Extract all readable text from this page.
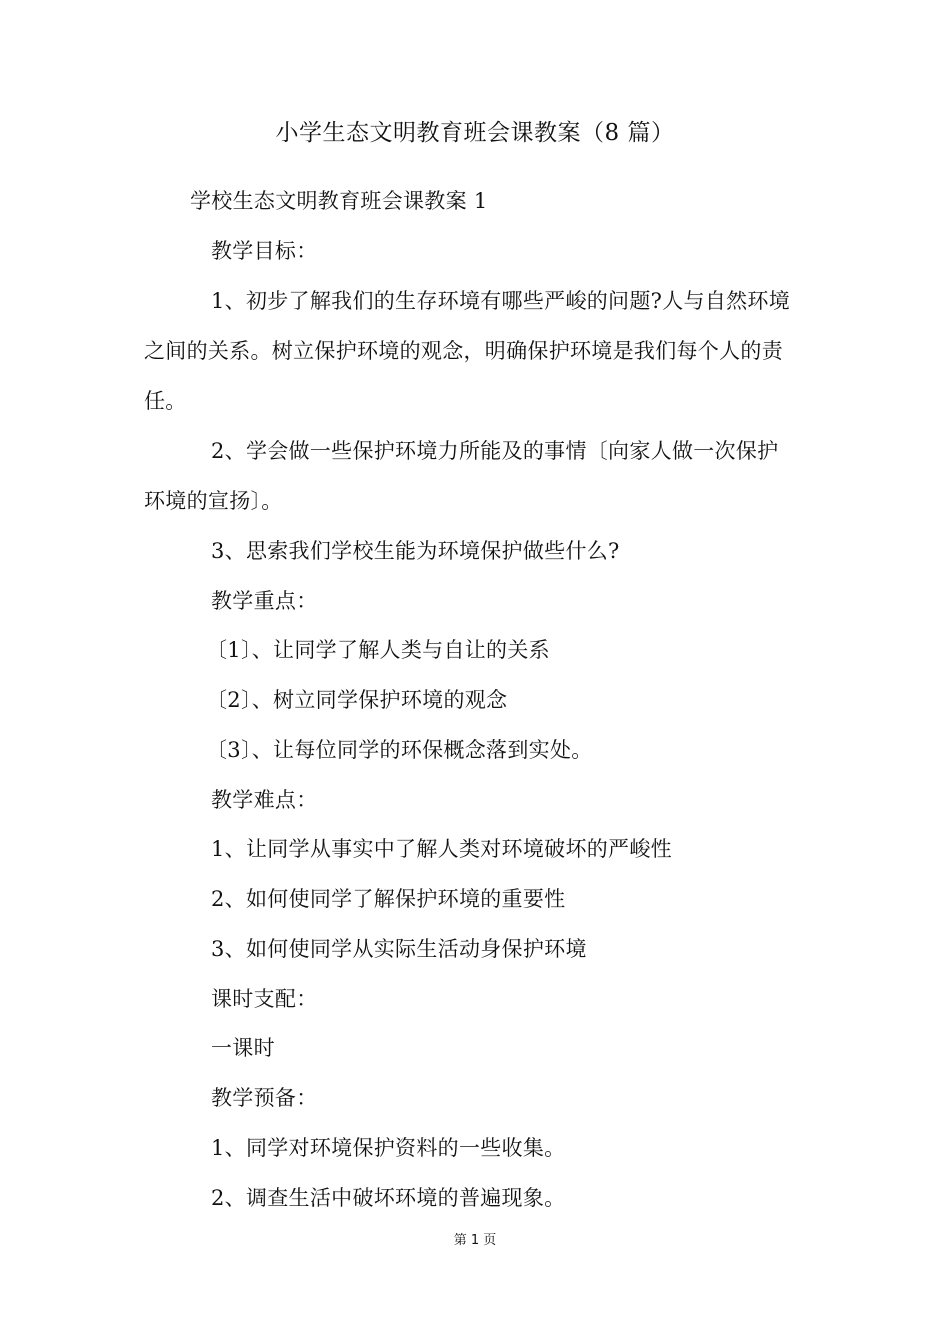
小学生态文明教育班会课教案（8 篇）
学校生态文明教育班会课教案 1
教学目标：
1、初步了解我们的生存环境有哪些严峻的问题?人与自然环境
之间的关系。树立保护环境的观念，明确保护环境是我们每个人的责
任。
2、学会做一些保护环境力所能及的事情〔向家人做一次保护
环境的宣扬〕。
3、思索我们学校生能为环境保护做些什么?
教学重点：
〔1〕、让同学了解人类与自让的关系
〔2〕、树立同学保护环境的观念
〔3〕、让每位同学的环保概念落到实处。
教学难点：
1、让同学从事实中了解人类对环境破坏的严峻性
2、如何使同学了解保护环境的重要性
3、如何使同学从实际生活动身保护环境
课时支配：
一课时
教学预备：
1、同学对环境保护资料的一些收集。
2、调查生活中破坏环境的普遍现象。
第 1 页
